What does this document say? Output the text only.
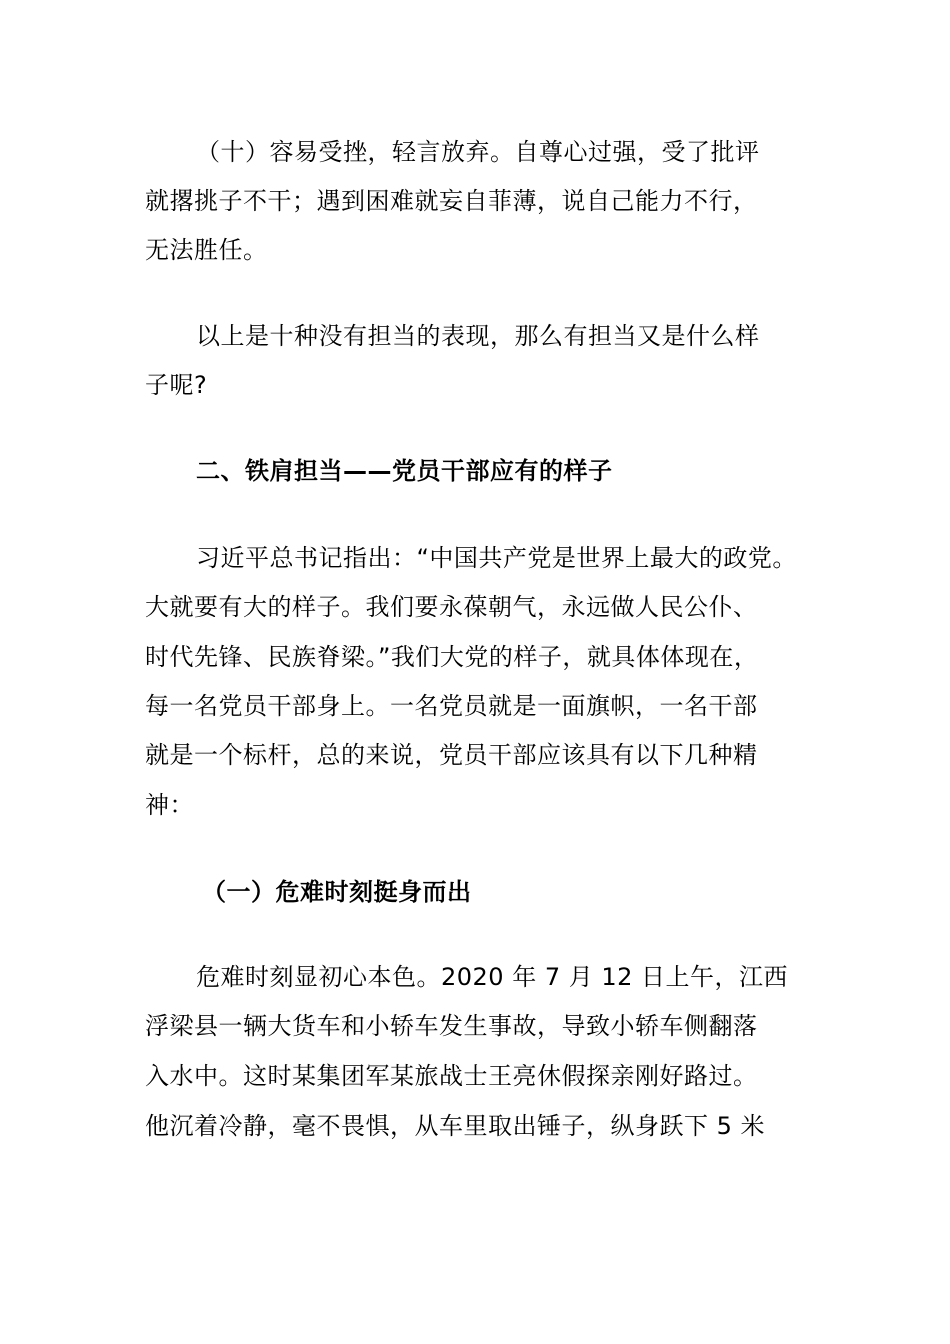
（十）容易受挫，轻言放弃。自尊心过强，受了批评

就撂挑子不干；遇到困难就妄自菲薄，说自己能力不行，

无法胜任。

以上是十种没有担当的表现，那么有担当又是什么样

子呢?

二、铁肩担当——党员干部应有的样子

习近平总书记指出：“中国共产党是世界上最大的政党。

大就要有大的样子。我们要永葆朝气，永远做人民公仆、

时代先锋、民族脊梁。”我们大党的样子，就具体体现在，

每一名党员干部身上。一名党员就是一面旗帜，一名干部

就是一个标杆，总的来说，党员干部应该具有以下几种精

神：

（一）危难时刻挺身而出

危难时刻显初心本色。2020 年 7 月 12 日上午，江西

浮梁县一辆大货车和小轿车发生事故，导致小轿车侧翻落

入水中。这时某集团军某旅战士王亮休假探亲刚好路过。

他沉着冷静，毫不畏惧，从车里取出锤子，纵身跃下 5 米
